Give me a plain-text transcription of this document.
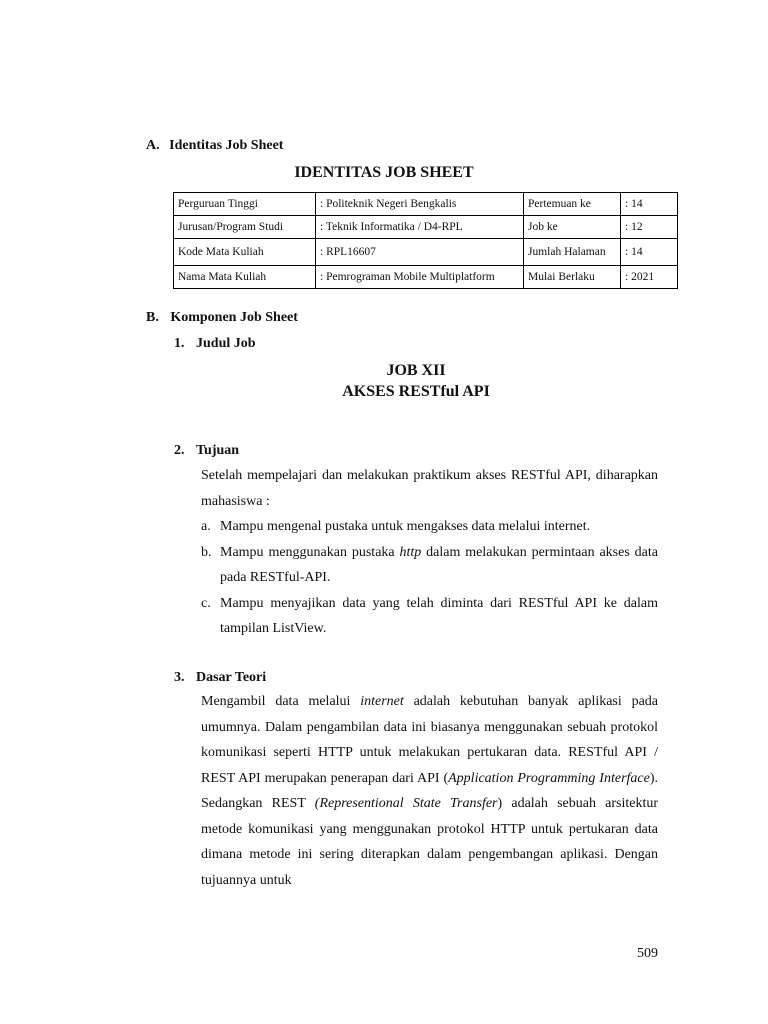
A. Identitas Job Sheet
IDENTITAS JOB SHEET
Perguruan Tinggi	: Politeknik Negeri Bengkalis	Pertemuan ke	: 14
Jurusan/Program Studi	: Teknik Informatika / D4-RPL	Job ke	: 12
Kode Mata Kuliah	: RPL16607	Jumlah Halaman	: 14
Nama Mata Kuliah	: Pemrograman Mobile Multiplatform	Mulai Berlaku	: 2021
B. Komponen Job Sheet
1. Judul Job
JOB XII
AKSES RESTful API
2. Tujuan
Setelah mempelajari dan melakukan praktikum akses RESTful API, diharapkan mahasiswa :
a. Mampu mengenal pustaka untuk mengakses data melalui internet.
b. Mampu menggunakan pustaka http dalam melakukan permintaan akses data pada RESTful-API.
c. Mampu menyajikan data yang telah diminta dari RESTful API ke dalam tampilan ListView.
3. Dasar Teori
Mengambil data melalui internet adalah kebutuhan banyak aplikasi pada umumnya. Dalam pengambilan data ini biasanya menggunakan sebuah protokol komunikasi seperti HTTP untuk melakukan pertukaran data. RESTful API / REST API merupakan penerapan dari API (Application Programming Interface). Sedangkan REST (Representional State Transfer) adalah sebuah arsitektur metode komunikasi yang menggunakan protokol HTTP untuk pertukaran data dimana metode ini sering diterapkan dalam pengembangan aplikasi. Dengan tujuannya untuk
509
